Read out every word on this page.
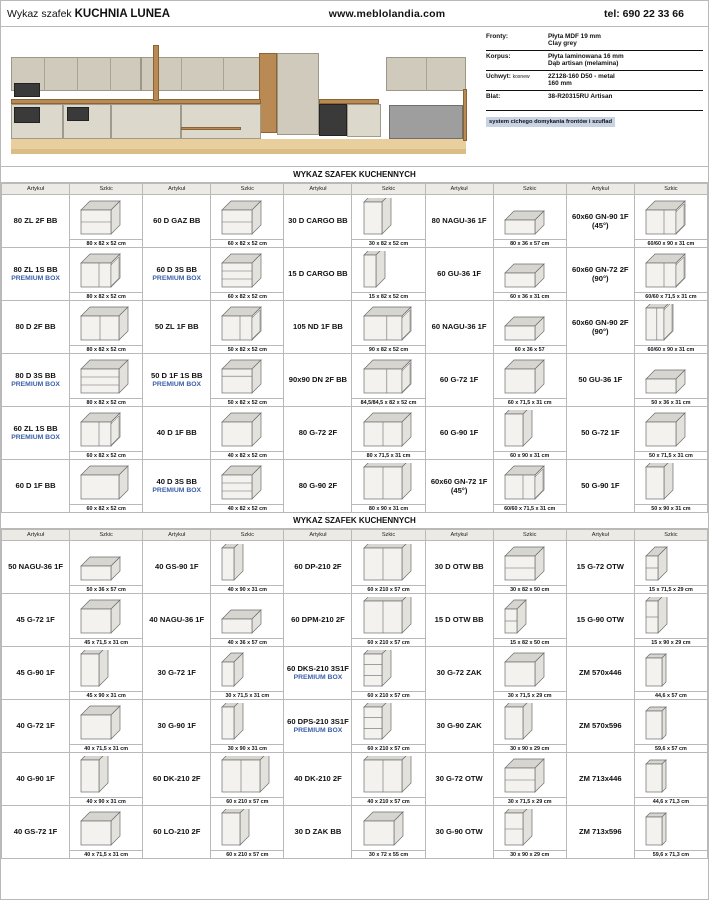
Wykaz szafek KUCHNIA LUNEA	www.meblolandia.com	tel: 690 22 33 66
Fronty:	Płyta MDF 19 mm
Clay grey
Korpus:	Płyta laminowana 16 mm
Dąb artisan (melamina)
Uchwyt: kosnew	2Z128-160 D50 - metal
160 mm
Blat:	38-R20315RU Artisan
system cichego domykania frontów i szuflad
WYKAZ SZAFEK KUCHENNYCH
Artykuł	Szkic	Artykuł	Szkic	Artykuł	Szkic	Artykuł	Szkic	Artykuł	Szkic
80 ZL 2F BB	80 x 82 x 52 cm	60 D GAZ BB	60 x 82 x 52 cm	30 D CARGO BB	30 x 82 x 52 cm	80 NAGU-36 1F	80 x 36 x 57 cm	60x60 GN-90 1F
(45°)	60/60 x 90 x 31 cm

80 ZL 1S BB
PREMIUM BOX	80 x 82 x 52 cm	60 D 3S BB
PREMIUM BOX	60 x 82 x 52 cm	15 D CARGO BB	15 x 82 x 52 cm	60 GU-36 1F	60 x 36 x 31 cm	60x60 GN-72 2F
(90°)	60/60 x 71,5 x 31 cm

80 D 2F BB	80 x 82 x 52 cm	50 ZL 1F BB	50 x 82 x 52 cm	105 ND 1F BB	90 x 82 x 52 cm	60 NAGU-36 1F	60 x 36 x 57	60x60 GN-90 2F
(90°)	60/60 x 90 x 31 cm

80 D 3S BB
PREMIUM BOX	80 x 82 x 52 cm	50 D 1F 1S BB
PREMIUM BOX	50 x 82 x 52 cm	90x90 DN 2F BB	84,5/84,5 x 82 x 52 cm	60 G-72 1F	60 x 71,5 x 31 cm	50 GU-36 1F	50 x 36 x 31 cm

60 ZL 1S BB
PREMIUM BOX	60 x 82 x 52 cm	40 D 1F BB	40 x 82 x 52 cm	80 G-72 2F	80 x 71,5 x 31 cm	60 G-90 1F	60 x 90 x 31 cm	50 G-72 1F	50 x 71,5 x 31 cm

60 D 1F BB	60 x 82 x 52 cm	40 D 3S BB
PREMIUM BOX	40 x 82 x 52 cm	80 G-90 2F	80 x 90 x 31 cm	60x60 GN-72 1F
(45°)	60/60 x 71,5 x 31 cm	50 G-90 1F	50 x 90 x 31 cm
WYKAZ SZAFEK KUCHENNYCH
Artykuł	Szkic	Artykuł	Szkic	Artykuł	Szkic	Artykuł	Szkic	Artykuł	Szkic
50 NAGU-36 1F	50 x 36 x 57 cm	40 GS-90 1F	40 x 90 x 31 cm	60 DP-210 2F	60 x 210 x 57 cm	30 D OTW BB	30 x 82 x 50 cm	15 G-72 OTW	15 x 71,5 x 29 cm

45 G-72 1F	45 x 71,5 x 31 cm	40 NAGU-36 1F	40 x 36 x 57 cm	60 DPM-210 2F	60 x 210 x 57 cm	15 D OTW BB	15 x 82 x 50 cm	15 G-90 OTW	15 x 90 x 29 cm

45 G-90 1F	45 x 90 x 31 cm	30 G-72 1F	30 x 71,5 x 31 cm	60 DKS-210 3S1F
PREMIUM BOX	60 x 210 x 57 cm	30 G-72 ZAK	30 x 71,5 x 29 cm	ZM 570x446	44,6 x 57 cm

40 G-72 1F	40 x 71,5 x 31 cm	30 G-90 1F	30 x 90 x 31 cm	60 DPS-210 3S1F
PREMIUM BOX	60 x 210 x 57 cm	30 G-90 ZAK	30 x 90 x 29 cm	ZM 570x596	59,6 x 57 cm

40 G-90 1F	40 x 90 x 31 cm	60 DK-210 2F	60 x 210 x 57 cm	40 DK-210 2F	40 x 210 x 57 cm	30 G-72 OTW	30 x 71,5 x 29 cm	ZM 713x446	44,6 x 71,3 cm

40 GS-72 1F	40 x 71,5 x 31 cm	60 LO-210 2F	60 x 210 x 57 cm	30 D ZAK BB	30 x 72 x 55 cm	30 G-90 OTW	30 x 90 x 29 cm	ZM 713x596	59,6 x 71,3 cm
